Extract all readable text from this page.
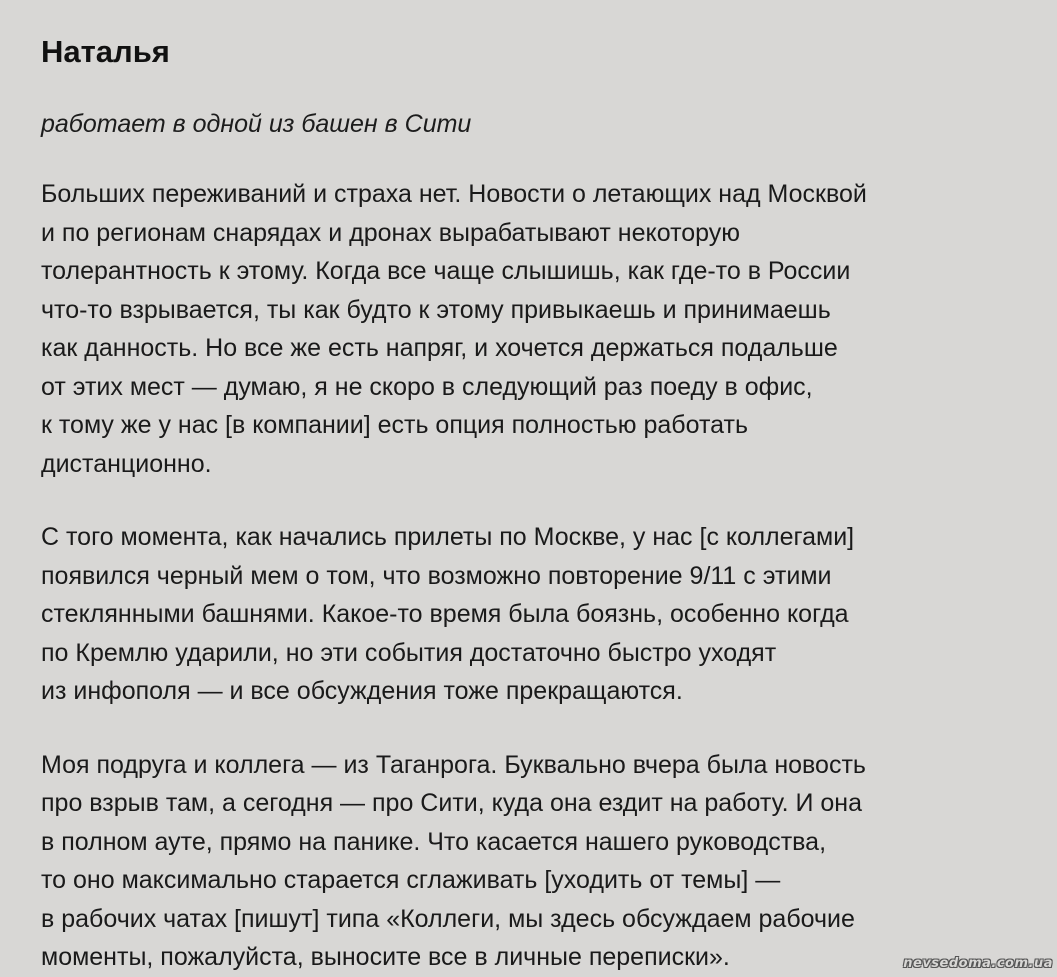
Наталья

работает в одной из башен в Сити

Больших переживаний и страха нет. Новости о летающих над Москвой
и по регионам снарядах и дронах вырабатывают некоторую
толерантность к этому. Когда все чаще слышишь, как где-то в России
что-то взрывается, ты как будто к этому привыкаешь и принимаешь
как данность. Но все же есть напряг, и хочется держаться подальше
от этих мест — думаю, я не скоро в следующий раз поеду в офис,
к тому же у нас [в компании] есть опция полностью работать
дистанционно.

С того момента, как начались прилеты по Москве, у нас [с коллегами]
появился черный мем о том, что возможно повторение 9/11 с этими
стеклянными башнями. Какое-то время была боязнь, особенно когда
по Кремлю ударили, но эти события достаточно быстро уходят
из инфополя — и все обсуждения тоже прекращаются.

Моя подруга и коллега — из Таганрога. Буквально вчера была новость
про взрыв там, а сегодня — про Сити, куда она ездит на работу. И она
в полном ауте, прямо на панике. Что касается нашего руководства,
то оно максимально старается сглаживать [уходить от темы] —
в рабочих чатах [пишут] типа «Коллеги, мы здесь обсуждаем рабочие
моменты, пожалуйста, выносите все в личные переписки».	nevsedoma.com.ua
